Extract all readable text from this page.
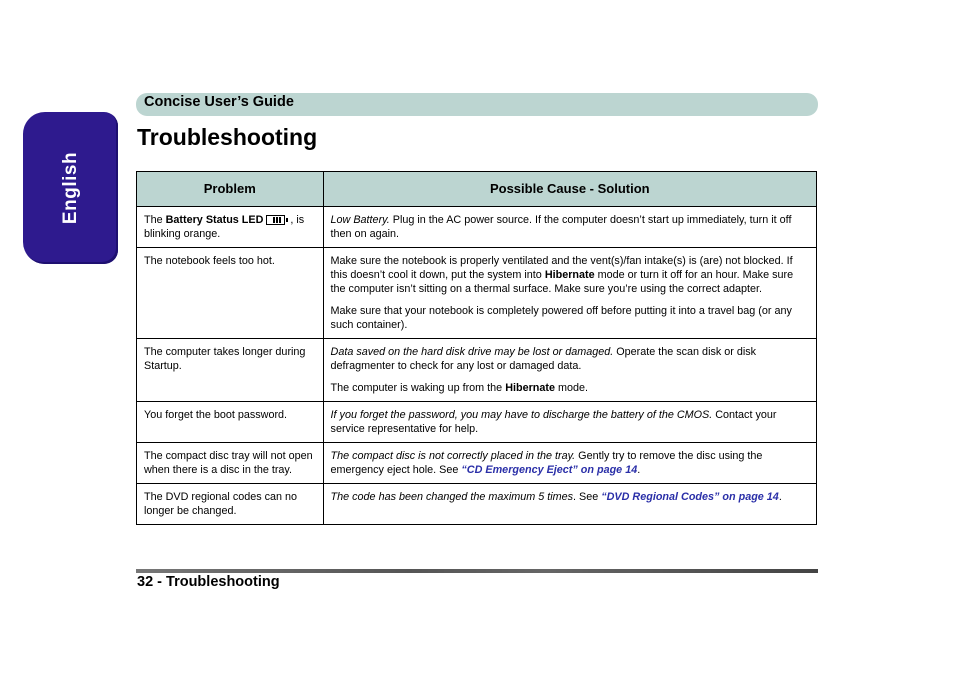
English
Concise User’s Guide
Troubleshooting
Problem	Possible Cause - Solution
The Battery Status LED , is blinking orange.	Low Battery. Plug in the AC power source. If the computer doesn’t start up immediately, turn it off then on again.
The notebook feels too hot.	Make sure the notebook is properly ventilated and the vent(s)/fan intake(s) is (are) not blocked. If this doesn’t cool it down, put the system into Hibernate mode or turn it off for an hour. Make sure the computer isn’t sitting on a thermal surface. Make sure you’re using the correct adapter.
Make sure that your notebook is completely powered off before putting it into a travel bag (or any such container).

The computer takes longer during Startup.	Data saved on the hard disk drive may be lost or damaged. Operate the scan disk or disk defragmenter to check for any lost or damaged data.
The computer is waking up from the Hibernate mode.

You forget the boot password.	If you forget the password, you may have to discharge the battery of the CMOS. Contact your service representative for help.
The compact disc tray will not open when there is a disc in the tray.	The compact disc is not correctly placed in the tray. Gently try to remove the disc using the emergency eject hole. See “CD Emergency Eject” on page 14.
The DVD regional codes can no longer be changed.	The code has been changed the maximum 5 times. See “DVD Regional Codes” on page 14.
32 - Troubleshooting
